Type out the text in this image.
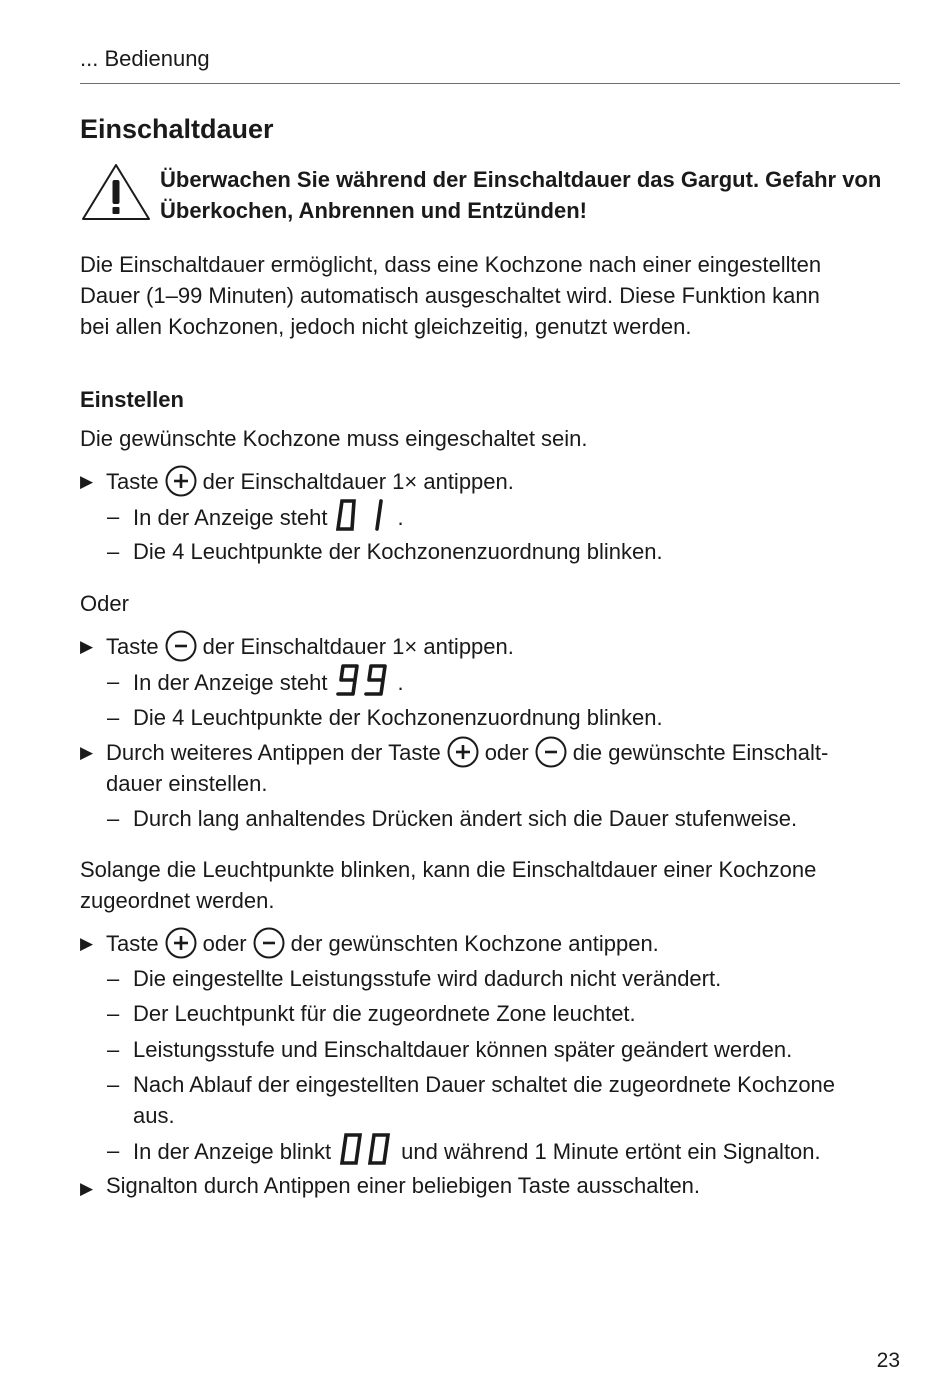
... Bedienung
Einschaltdauer
Überwachen Sie während der Einschaltdauer das Gargut. Gefahr von Überkochen, Anbrennen und Entzünden!
Die Einschaltdauer ermöglicht, dass eine Kochzone nach einer eingestellten
Dauer (1–99 Minuten) automatisch ausgeschaltet wird. Diese Funktion kann
bei allen Kochzonen, jedoch nicht gleichzeitig, genutzt werden.
Einstellen
Die gewünschte Kochzone muss eingeschaltet sein.
▶ Taste der Einschaltdauer 1× antippen.
– In der Anzeige steht	.
– Die 4 Leuchtpunkte der Kochzonenzuordnung blinken.
Oder
▶ Taste der Einschaltdauer 1× antippen.
– In der Anzeige steht	.
– Die 4 Leuchtpunkte der Kochzonenzuordnung blinken.
▶ Durch weiteres Antippen der Taste oder die gewünschte Einschalt-
dauer einstellen.
– Durch lang anhaltendes Drücken ändert sich die Dauer stufenweise.
Solange die Leuchtpunkte blinken, kann die Einschaltdauer einer Kochzone
zugeordnet werden.
▶ Taste oder der gewünschten Kochzone antippen.
– Die eingestellte Leistungsstufe wird dadurch nicht verändert.
– Der Leuchtpunkt für die zugeordnete Zone leuchtet.
– Leistungsstufe und Einschaltdauer können später geändert werden.
– Nach Ablauf der eingestellten Dauer schaltet die zugeordnete Kochzone
aus.
– In der Anzeige blinkt	und während 1 Minute ertönt ein Signalton.
▶ Signalton durch Antippen einer beliebigen Taste ausschalten.
23
